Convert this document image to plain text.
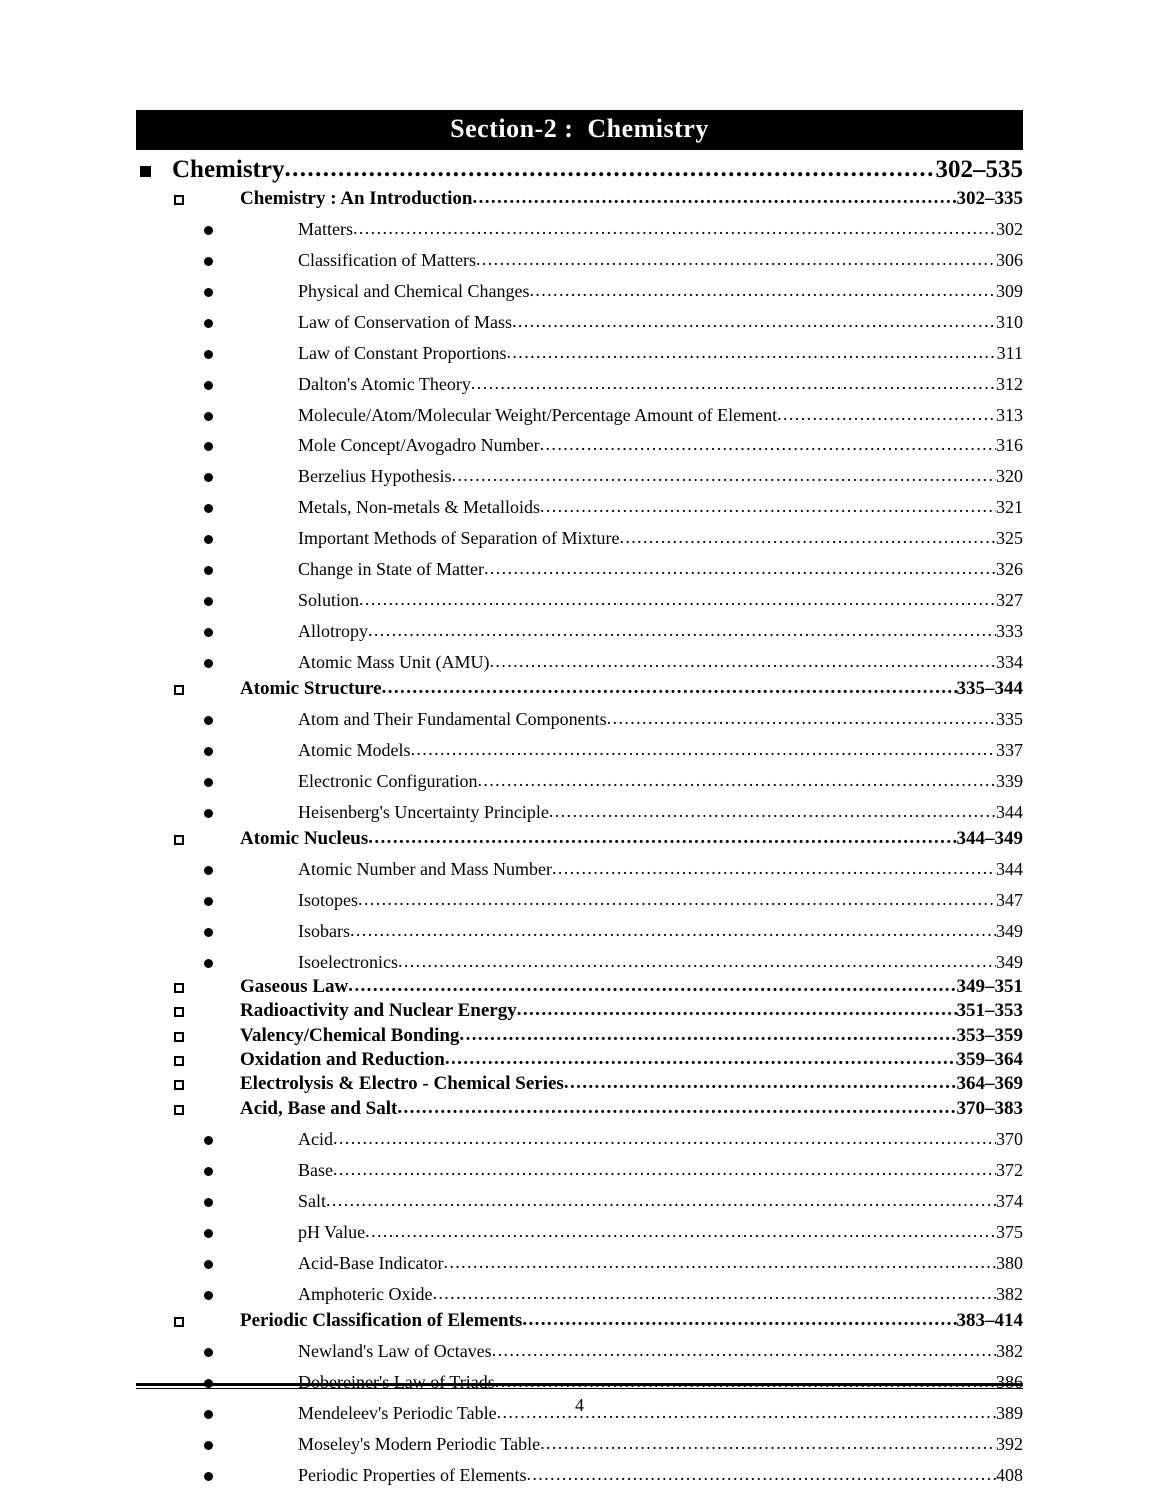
Section-2 :  Chemistry
Chemistry .....	302–535
Chemistry : An Introduction .....	302–335
Matters .....	302
Classification of Matters .....	306
Physical and Chemical Changes .....	309
Law of Conservation of Mass .....	310
Law of Constant Proportions .....	311
Dalton's Atomic Theory .....	312
Molecule/Atom/Molecular Weight/Percentage Amount of Element .....	313
Mole Concept/Avogadro Number .....	316
Berzelius Hypothesis .....	320
Metals, Non-metals & Metalloids .....	321
Important Methods of Separation of Mixture .....	325
Change in State of Matter .....	326
Solution .....	327
Allotropy .....	333
Atomic Mass Unit (AMU) .....	334
Atomic Structure .....	335–344
Atom and Their Fundamental Components .....	335
Atomic Models .....	337
Electronic Configuration .....	339
Heisenberg's Uncertainty Principle .....	344
Atomic Nucleus .....	344–349
Atomic Number and Mass Number .....	344
Isotopes .....	347
Isobars .....	349
Isoelectronics .....	349
Gaseous Law .....	349–351
Radioactivity and Nuclear Energy .....	351–353
Valency/Chemical Bonding .....	353–359
Oxidation and Reduction .....	359–364
Electrolysis & Electro - Chemical Series .....	364–369
Acid, Base and Salt .....	370–383
Acid .....	370
Base .....	372
Salt .....	374
pH Value .....	375
Acid-Base Indicator .....	380
Amphoteric Oxide .....	382
Periodic Classification of Elements .....	383–414
Newland's Law of Octaves .....	382
Dobereiner's Law of Triads .....	386
Mendeleev's Periodic Table .....	389
Moseley's Modern Periodic Table .....	392
Periodic Properties of Elements .....	408
4
